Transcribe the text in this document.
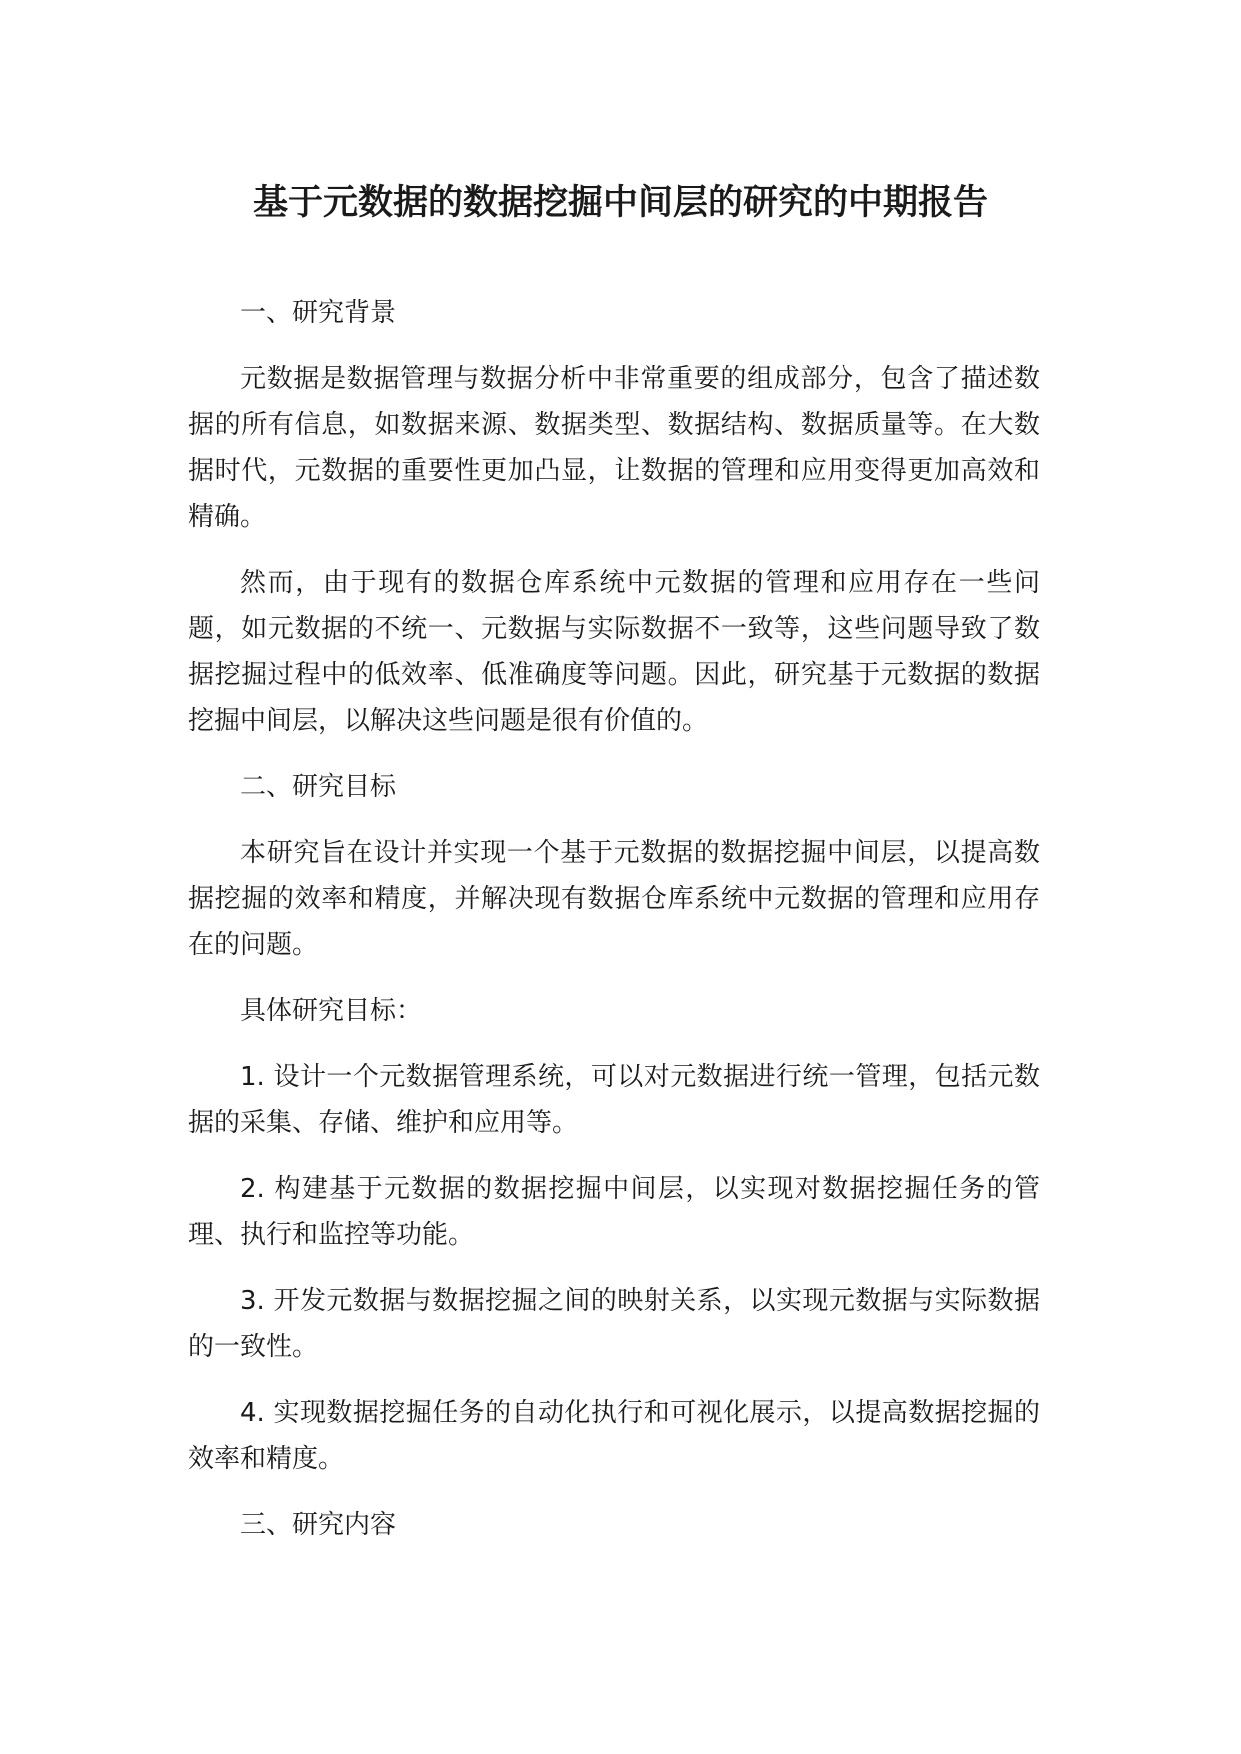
基于元数据的数据挖掘中间层的研究的中期报告

一、研究背景

元数据是数据管理与数据分析中非常重要的组成部分，包含了描述数据的所有信息，如数据来源、数据类型、数据结构、数据质量等。在大数据时代，元数据的重要性更加凸显，让数据的管理和应用变得更加高效和精确。

然而，由于现有的数据仓库系统中元数据的管理和应用存在一些问题，如元数据的不统一、元数据与实际数据不一致等，这些问题导致了数据挖掘过程中的低效率、低准确度等问题。因此，研究基于元数据的数据挖掘中间层，以解决这些问题是很有价值的。

二、研究目标

本研究旨在设计并实现一个基于元数据的数据挖掘中间层，以提高数据挖掘的效率和精度，并解决现有数据仓库系统中元数据的管理和应用存在的问题。

具体研究目标：

1. 设计一个元数据管理系统，可以对元数据进行统一管理，包括元数据的采集、存储、维护和应用等。

2. 构建基于元数据的数据挖掘中间层，以实现对数据挖掘任务的管理、执行和监控等功能。

3. 开发元数据与数据挖掘之间的映射关系，以实现元数据与实际数据的一致性。

4. 实现数据挖掘任务的自动化执行和可视化展示，以提高数据挖掘的效率和精度。

三、研究内容
